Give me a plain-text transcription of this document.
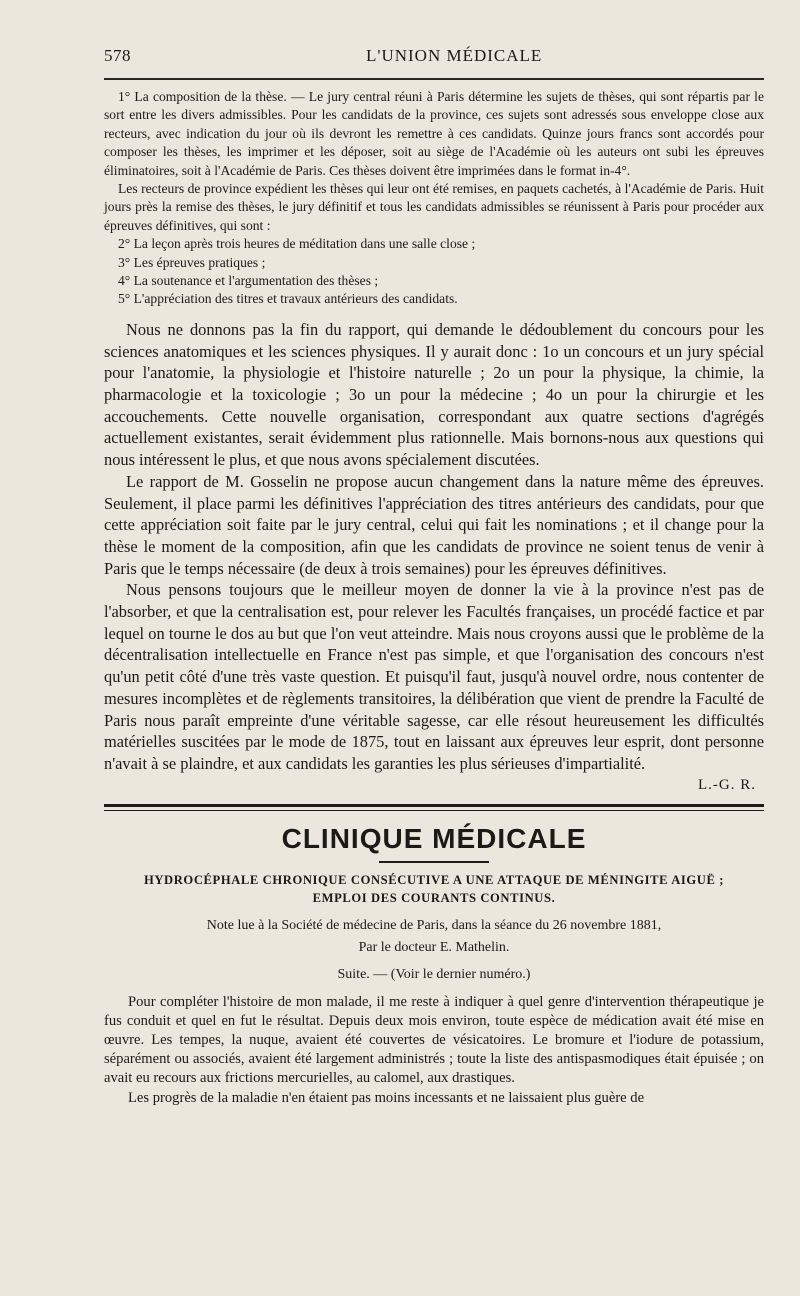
578	L'UNION MÉDICALE

1° La composition de la thèse. — Le jury central réuni à Paris détermine les sujets de thèses, qui sont répartis par le sort entre les divers admissibles. Pour les candidats de la province, ces sujets sont adressés sous enveloppe close aux recteurs, avec indication du jour où ils devront les remettre à ces candidats. Quinze jours francs sont accordés pour composer les thèses, les imprimer et les déposer, soit au siège de l'Académie où les auteurs ont subi les épreuves éliminatoires, soit à l'Académie de Paris. Ces thèses doivent être imprimées dans le format in-4°.

Les recteurs de province expédient les thèses qui leur ont été remises, en paquets cachetés, à l'Académie de Paris. Huit jours près la remise des thèses, le jury définitif et tous les candidats admissibles se réunissent à Paris pour procéder aux épreuves définitives, qui sont :

2° La leçon après trois heures de méditation dans une salle close ;
3° Les épreuves pratiques ;
4° La soutenance et l'argumentation des thèses ;
5° L'appréciation des titres et travaux antérieurs des candidats.

Nous ne donnons pas la fin du rapport, qui demande le dédoublement du concours pour les sciences anatomiques et les sciences physiques. Il y aurait donc : 1o un concours et un jury spécial pour l'anatomie, la physiologie et l'histoire naturelle ; 2o un pour la physique, la chimie, la pharmacologie et la toxicologie ; 3o un pour la médecine ; 4o un pour la chirurgie et les accouchements. Cette nouvelle organisation, correspondant aux quatre sections d'agrégés actuellement existantes, serait évidemment plus rationnelle. Mais bornons-nous aux questions qui nous intéressent le plus, et que nous avons spécialement discutées.

Le rapport de M. Gosselin ne propose aucun changement dans la nature même des épreuves. Seulement, il place parmi les définitives l'appréciation des titres antérieurs des candidats, pour que cette appréciation soit faite par le jury central, celui qui fait les nominations ; et il change pour la thèse le moment de la composition, afin que les candidats de province ne soient tenus de venir à Paris que le temps nécessaire (de deux à trois semaines) pour les épreuves définitives.

Nous pensons toujours que le meilleur moyen de donner la vie à la province n'est pas de l'absorber, et que la centralisation est, pour relever les Facultés françaises, un procédé factice et par lequel on tourne le dos au but que l'on veut atteindre. Mais nous croyons aussi que le problème de la décentralisation intellectuelle en France n'est pas simple, et que l'organisation des concours n'est qu'un petit côté d'une très vaste question. Et puisqu'il faut, jusqu'à nouvel ordre, nous contenter de mesures incomplètes et de règlements transitoires, la délibération que vient de prendre la Faculté de Paris nous paraît empreinte d'une véritable sagesse, car elle résout heureusement les difficultés matérielles suscitées par le mode de 1875, tout en laissant aux épreuves leur esprit, dont personne n'avait à se plaindre, et aux candidats les garanties les plus sérieuses d'impartialité.

L.-G. R.
CLINIQUE MÉDICALE
HYDROCÉPHALE CHRONIQUE CONSÉCUTIVE A UNE ATTAQUE DE MÉNINGITE AIGUË ;
EMPLOI DES COURANTS CONTINUS.
Note lue à la Société de médecine de Paris, dans la séance du 26 novembre 1881,
Par le docteur E. Mathelin.
Suite. — (Voir le dernier numéro.)

Pour compléter l'histoire de mon malade, il me reste à indiquer à quel genre d'intervention thérapeutique je fus conduit et quel en fut le résultat. Depuis deux mois environ, toute espèce de médication avait été mise en œuvre. Les tempes, la nuque, avaient été couvertes de vésicatoires. Le bromure et l'iodure de potassium, séparément ou associés, avaient été largement administrés ; toute la liste des antispasmodiques était épuisée ; on avait eu recours aux frictions mercurielles, au calomel, aux drastiques.

Les progrès de la maladie n'en étaient pas moins incessants et ne laissaient plus guère de
